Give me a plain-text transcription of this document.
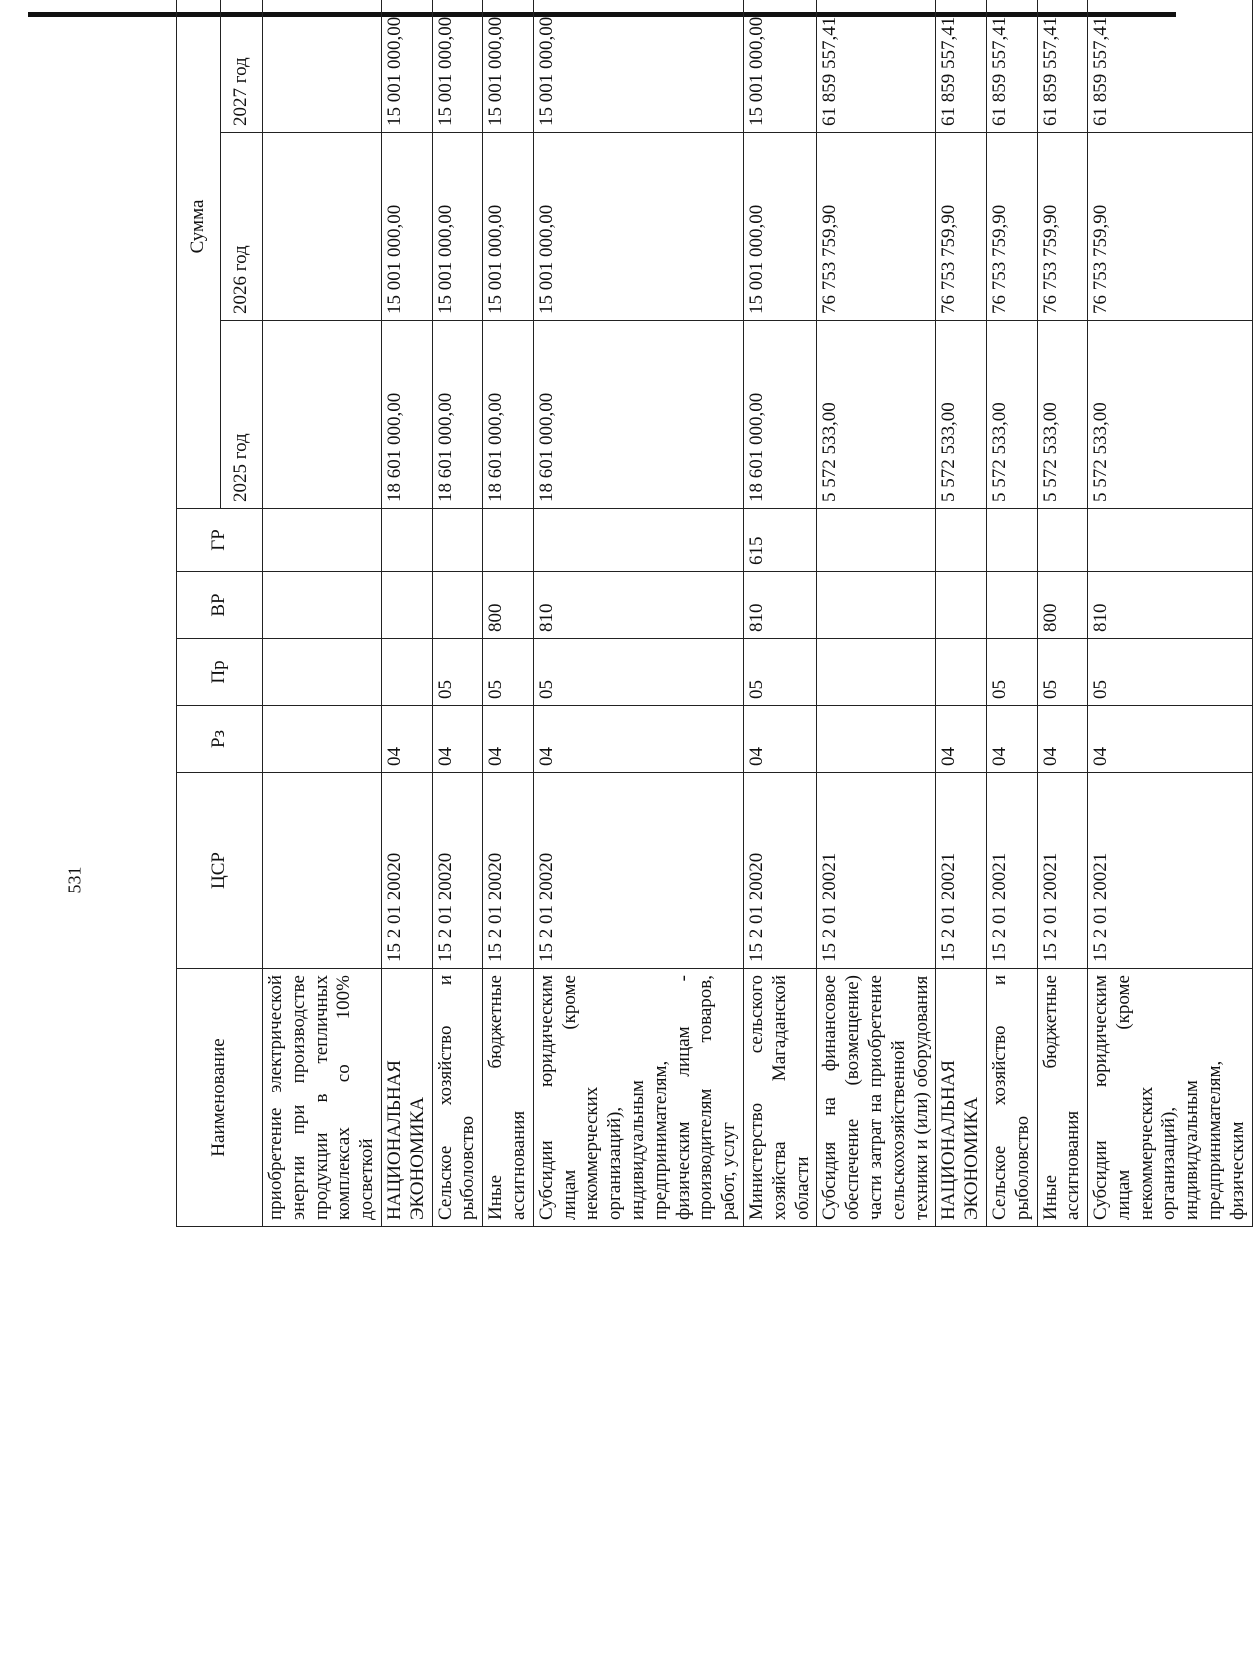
531
Наименование	ЦСР	Рз	Пр	ВР	ГР	Сумма		
						2025 год	2026 год	2027 год
приобретение электрической энергии при производстве продукции в тепличных комплексах со 100% досветкой								
НАЦИОНАЛЬНАЯ ЭКОНОМИКА	15 2 01 20020	04				18 601 000,00	15 001 000,00	15 001 000,00
Сельское хозяйство и рыболовство	15 2 01 20020	04	05			18 601 000,00	15 001 000,00	15 001 000,00
Иные бюджетные ассигнования	15 2 01 20020	04	05	800		18 601 000,00	15 001 000,00	15 001 000,00
Субсидии юридическим лицам (кроме некоммерческих организаций), индивидуальным предпринимателям, физическим лицам - производителям товаров, работ, услуг	15 2 01 20020	04	05	810		18 601 000,00	15 001 000,00	15 001 000,00
Министерство сельского хозяйства Магаданской области	15 2 01 20020	04	05	810	615	18 601 000,00	15 001 000,00	15 001 000,00
Субсидия на финансовое обеспечение (возмещение) части затрат на приобретение сельскохозяйственной техники и (или) оборудования	15 2 01 20021					5 572 533,00	76 753 759,90	61 859 557,41
НАЦИОНАЛЬНАЯ ЭКОНОМИКА	15 2 01 20021	04				5 572 533,00	76 753 759,90	61 859 557,41
Сельское хозяйство и рыболовство	15 2 01 20021	04	05			5 572 533,00	76 753 759,90	61 859 557,41
Иные бюджетные ассигнования	15 2 01 20021	04	05	800		5 572 533,00	76 753 759,90	61 859 557,41
Субсидии юридическим лицам (кроме некоммерческих организаций), индивидуальным предпринимателям, физическим	15 2 01 20021	04	05	810		5 572 533,00	76 753 759,90	61 859 557,41
